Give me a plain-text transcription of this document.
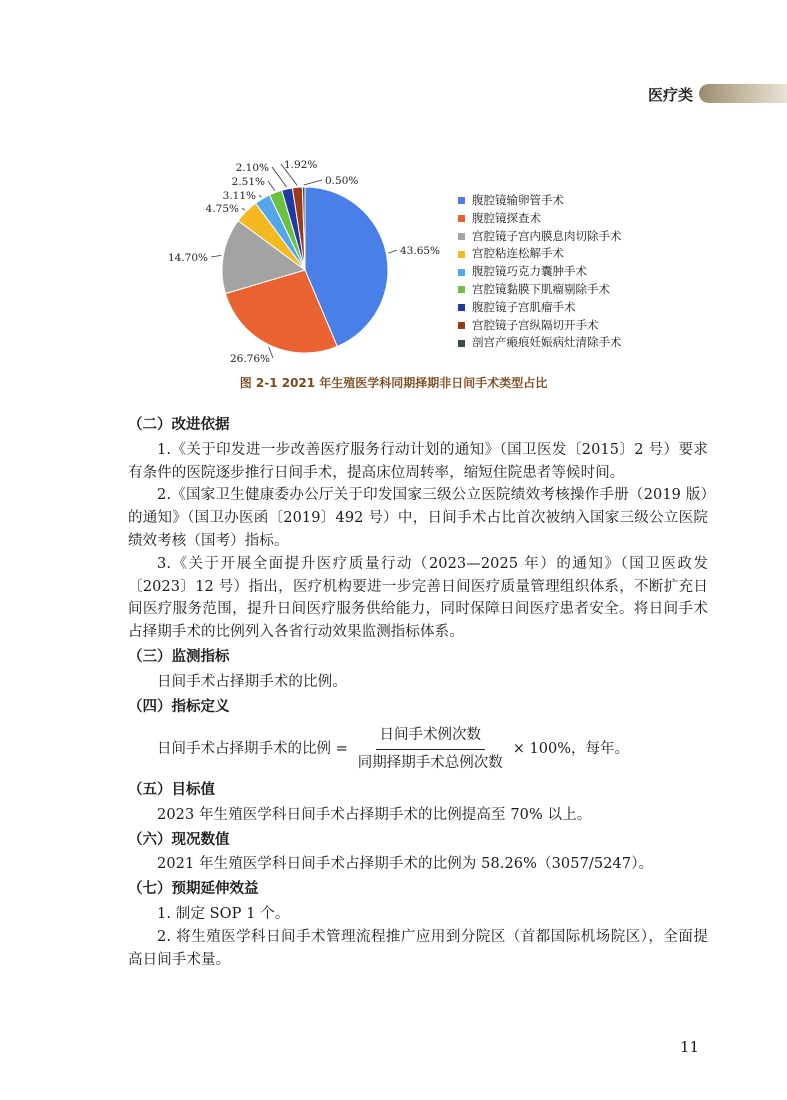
医疗类
43.65%
26.76%
14.70%
4.75%
3.11%
2.51%
2.10% 1.92%
0.50%
腹腔镜输卵管手术
腹腔镜探查术
宫腔镜子宫内膜息肉切除手术
宫腔粘连松解手术
腹腔镜巧克力囊肿手术
宫腔镜黏膜下肌瘤剔除手术
腹腔镜子宫肌瘤手术
宫腔镜子宫纵隔切开手术
剖宫产瘢痕妊娠病灶清除手术
图 2-1 2021 年生殖医学科同期择期非日间手术类型占比
（二）改进依据

1.《关于印发进一步改善医疗服务行动计划的通知》（国卫医发〔2015〕2 号）要求有条件的医院逐步推行日间手术，提高床位周转率，缩短住院患者等候时间。

2.《国家卫生健康委办公厅关于印发国家三级公立医院绩效考核操作手册（2019 版）的通知》（国卫办医函〔2019〕492 号）中，日间手术占比首次被纳入国家三级公立医院绩效考核（国考）指标。

3.《关于开展全面提升医疗质量行动（2023—2025 年）的通知》（国卫医政发〔2023〕12 号）指出，医疗机构要进一步完善日间医疗质量管理组织体系，不断扩充日间医疗服务范围，提升日间医疗服务供给能力，同时保障日间医疗患者安全。将日间手术占择期手术的比例列入各省行动效果监测指标体系。

（三）监测指标

日间手术占择期手术的比例。

（四）指标定义
日间手术占择期手术的比例 = $\frac{\text{日间手术例次数}}{\text{同期择期手术总例次数}} \times 100\%$，每年。
（五）目标值

2023 年生殖医学科日间手术占择期手术的比例提高至 70% 以上。

（六）现况数值

2021 年生殖医学科日间手术占择期手术的比例为 58.26%（3057/5247）。

（七）预期延伸效益

1. 制定 SOP 1 个。

2. 将生殖医学科日间手术管理流程推广应用到分院区（首都国际机场院区），全面提高日间手术量。

11
